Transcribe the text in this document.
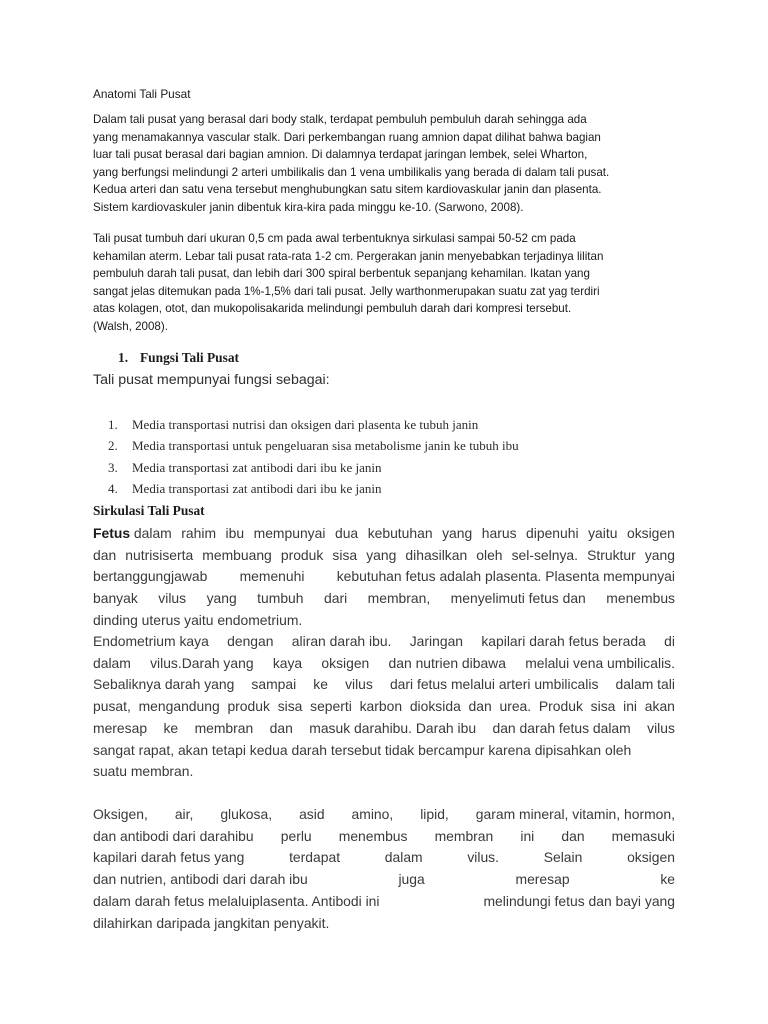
Anatomi Tali Pusat
Dalam tali pusat yang berasal dari body stalk, terdapat pembuluh pembuluh darah sehingga ada
yang menamakannya vascular stalk. Dari perkembangan ruang amnion dapat dilihat bahwa bagian
luar tali pusat berasal dari bagian amnion. Di dalamnya terdapat jaringan lembek, selei Wharton,
yang berfungsi melindungi 2 arteri umbilikalis dan 1 vena umbilikalis yang berada di dalam tali pusat.
Kedua arteri dan satu vena tersebut menghubungkan satu sitem kardiovaskular janin dan plasenta.
Sistem kardiovaskuler janin dibentuk kira-kira pada minggu ke-10. (Sarwono, 2008).
Tali pusat tumbuh dari ukuran 0,5 cm pada awal terbentuknya sirkulasi sampai 50-52 cm pada
kehamilan aterm. Lebar tali pusat rata-rata 1-2 cm. Pergerakan janin menyebabkan terjadinya lilitan
pembuluh darah tali pusat, dan lebih dari 300 spiral berbentuk sepanjang kehamilan. Ikatan yang
sangat jelas ditemukan pada 1%-1,5% dari tali pusat. Jelly warthonmerupakan suatu zat yag terdiri
atas kolagen, otot, dan mukopolisakarida melindungi pembuluh darah dari kompresi tersebut.
(Walsh, 2008).
1. Fungsi Tali Pusat
Tali pusat mempunyai fungsi sebagai:
1. Media transportasi nutrisi dan oksigen dari plasenta ke tubuh janin
2. Media transportasi untuk pengeluaran sisa metabolisme janin ke tubuh ibu
3. Media transportasi zat antibodi dari ibu ke janin
4. Media transportasi zat antibodi dari ibu ke janin
Sirkulasi Tali Pusat
Fetus dalam rahim ibu mempunyai dua kebutuhan yang harus dipenuhi yaitu oksigen
dan nutrisiserta membuang produk sisa yang dihasilkan oleh sel-selnya. Struktur yang
bertanggungjawab memenuhi kebutuhan fetus adalah plasenta. Plasenta mempunyai
banyak vilus yang tumbuh dari membran, menyelimuti fetus dan menembus
dinding uterus yaitu endometrium.
Endometrium kaya dengan aliran darah ibu. Jaringan kapilari darah fetus berada di
dalam vilus.Darah yang kaya oksigen dan nutrien dibawa melalui vena umbilicalis.
Sebaliknya darah yang sampai ke vilus dari fetus melalui arteri umbilicalis dalam tali
pusat, mengandung produk sisa seperti karbon dioksida dan urea. Produk sisa ini akan
meresap ke membran dan masuk darahibu. Darah ibu dan darah fetus dalam vilus
sangat rapat, akan tetapi kedua darah tersebut tidak bercampur karena dipisahkan oleh
suatu membran.
Oksigen, air, glukosa, asid amino, lipid, garam mineral, vitamin, hormon,
dan antibodi dari darahibu perlu menembus membran ini dan memasuki
kapilari darah fetus yang	terdapat	dalam	vilus.	Selain	oksigen
dan nutrien, antibodi dari darah ibu	juga	meresap	ke
dalam darah fetus melaluiplasenta. Antibodi ini	melindungi fetus dan bayi yang
dilahirkan daripada jangkitan penyakit.
